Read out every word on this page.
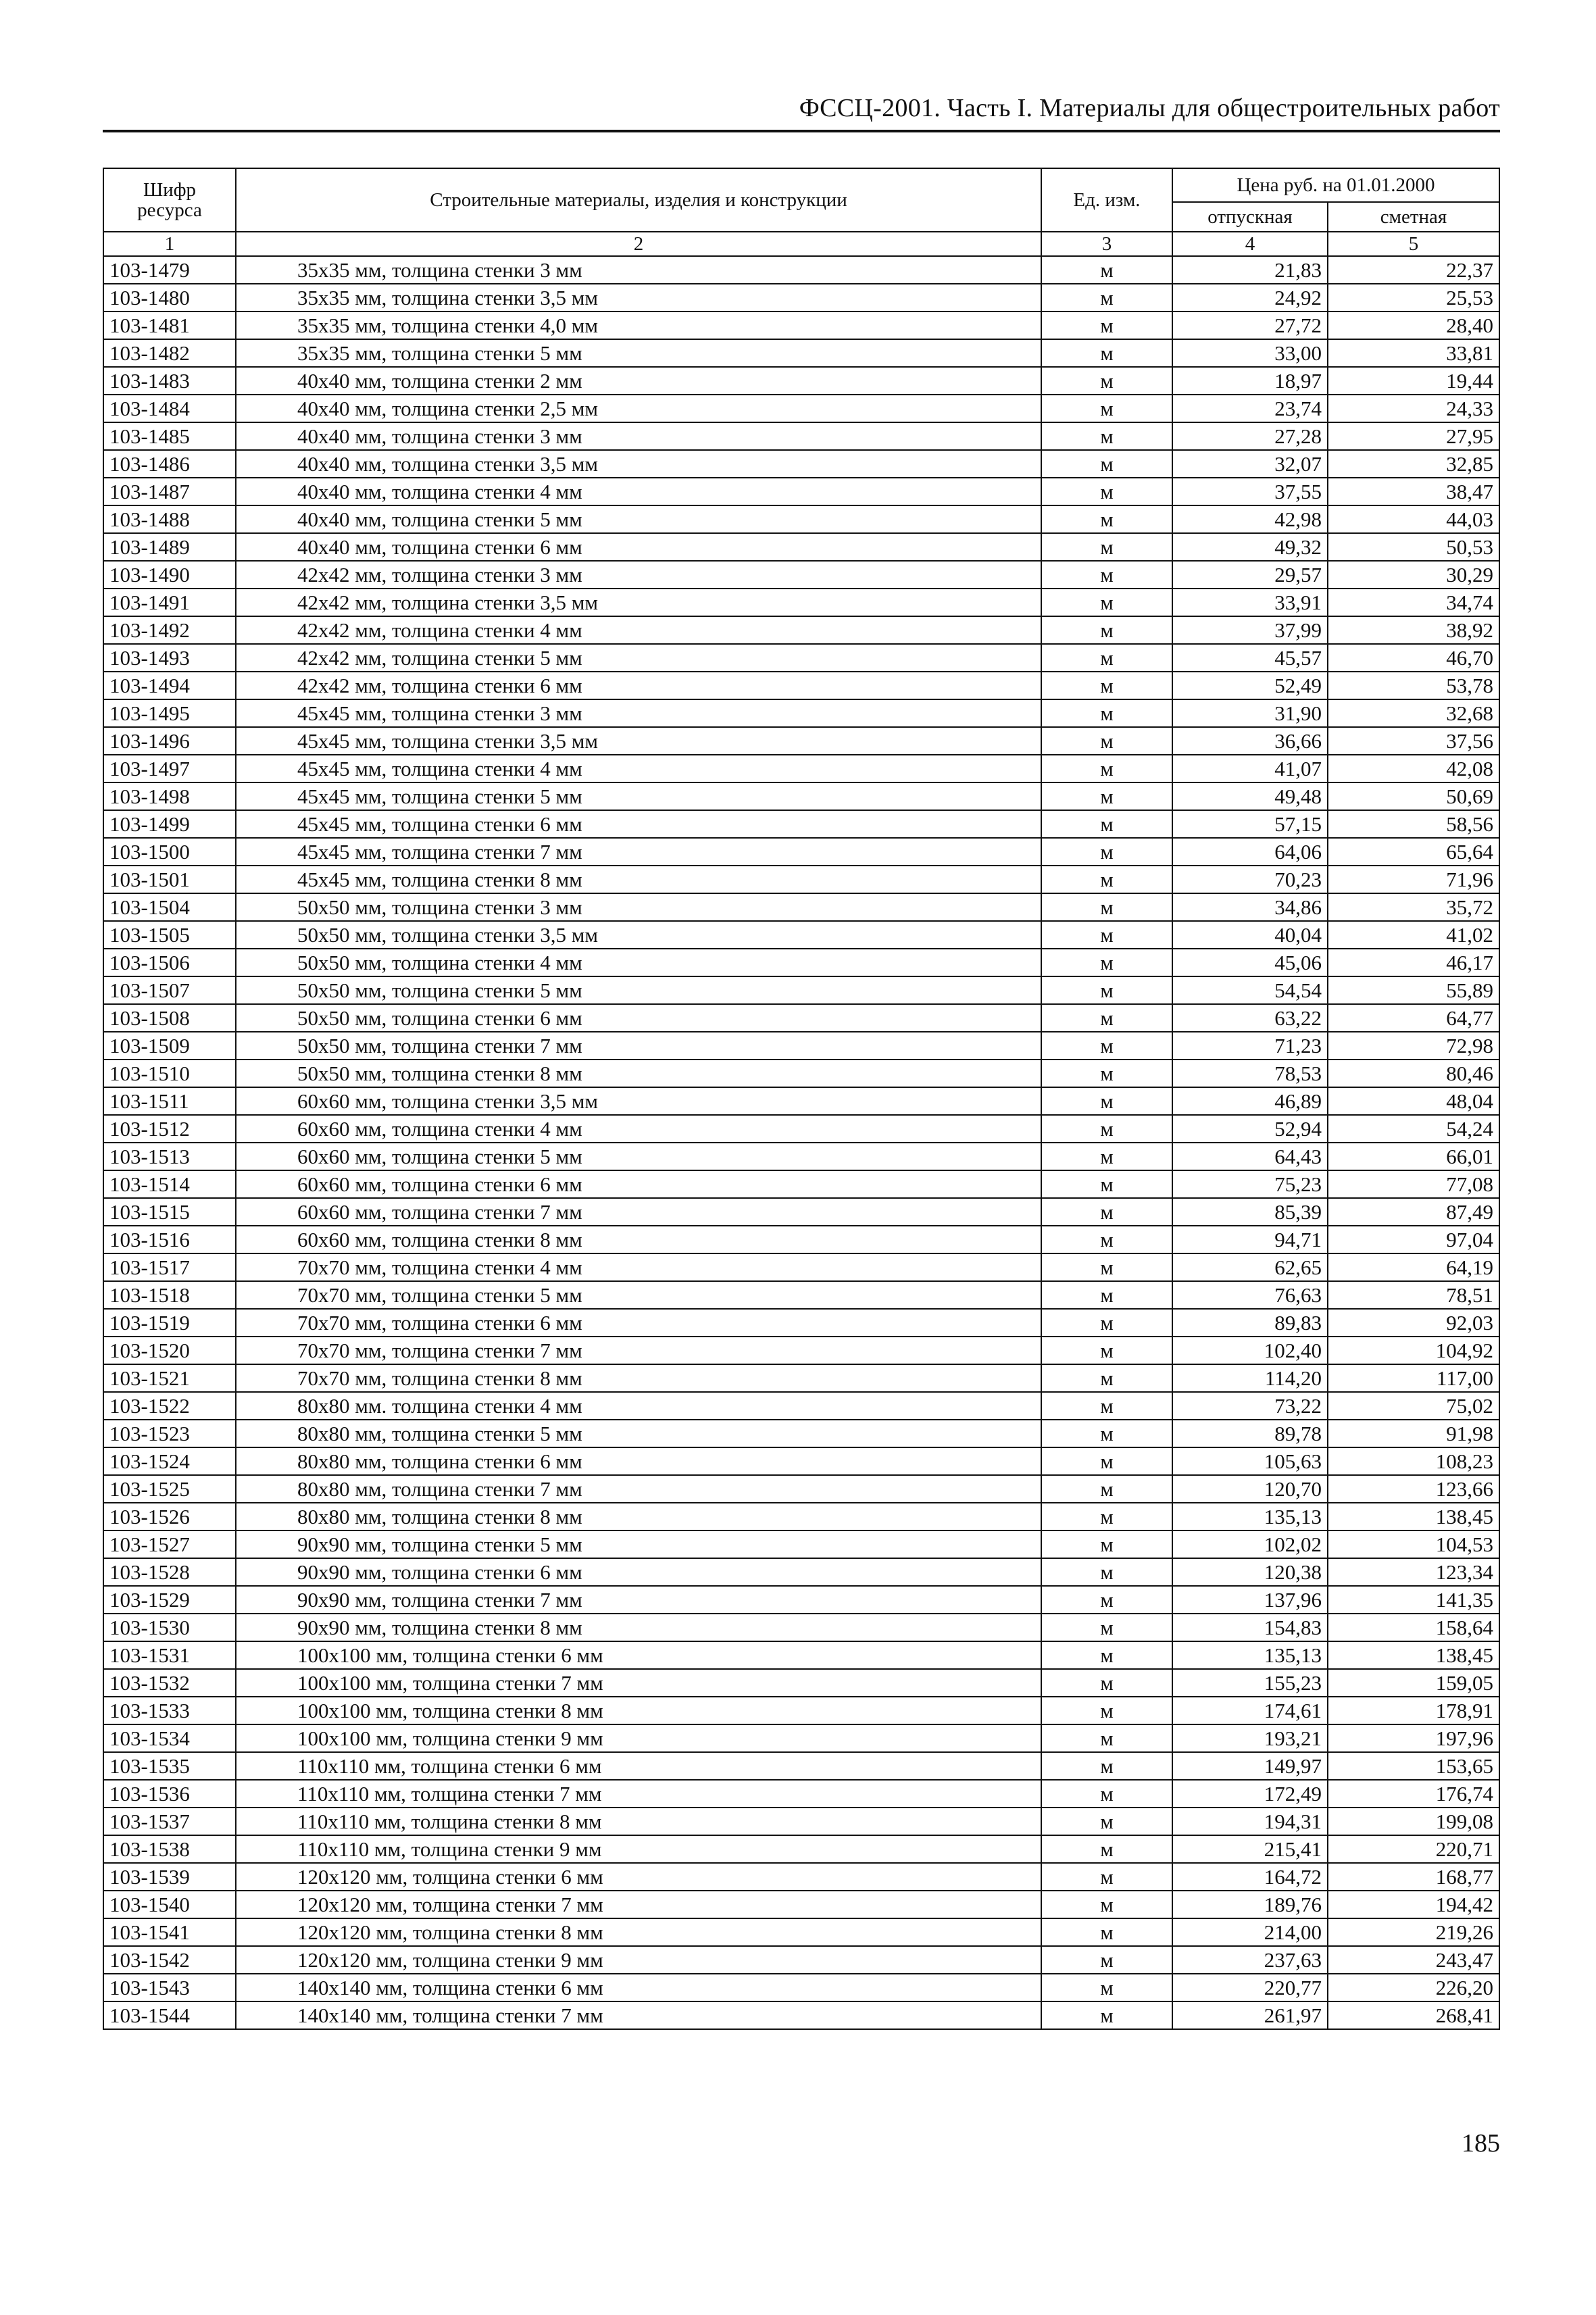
ФССЦ-2001. Часть I. Материалы для общестроительных работ
Шифр ресурса	Строительные материалы, изделия и конструкции	Ед. изм.	Цена руб. на 01.01.2000	
			отпускная	сметная
1	2	3	4	5
103-1479	35х35 мм, толщина стенки 3 мм	м	21,83	22,37
103-1480	35х35 мм, толщина стенки 3,5 мм	м	24,92	25,53
103-1481	35х35 мм, толщина стенки 4,0 мм	м	27,72	28,40
103-1482	35х35 мм, толщина стенки 5 мм	м	33,00	33,81
103-1483	40х40 мм, толщина стенки 2 мм	м	18,97	19,44
103-1484	40х40 мм, толщина стенки 2,5 мм	м	23,74	24,33
103-1485	40х40 мм, толщина стенки 3 мм	м	27,28	27,95
103-1486	40х40 мм, толщина стенки 3,5 мм	м	32,07	32,85
103-1487	40х40 мм, толщина стенки 4 мм	м	37,55	38,47
103-1488	40х40 мм, толщина стенки 5 мм	м	42,98	44,03
103-1489	40х40 мм, толщина стенки 6 мм	м	49,32	50,53
103-1490	42х42 мм, толщина стенки 3 мм	м	29,57	30,29
103-1491	42х42 мм, толщина стенки 3,5 мм	м	33,91	34,74
103-1492	42х42 мм, толщина стенки 4 мм	м	37,99	38,92
103-1493	42х42 мм, толщина стенки 5 мм	м	45,57	46,70
103-1494	42х42 мм, толщина стенки 6 мм	м	52,49	53,78
103-1495	45х45 мм, толщина стенки 3 мм	м	31,90	32,68
103-1496	45х45 мм, толщина стенки 3,5 мм	м	36,66	37,56
103-1497	45х45 мм, толщина стенки 4 мм	м	41,07	42,08
103-1498	45х45 мм, толщина стенки 5 мм	м	49,48	50,69
103-1499	45х45 мм, толщина стенки 6 мм	м	57,15	58,56
103-1500	45х45 мм, толщина стенки 7 мм	м	64,06	65,64
103-1501	45х45 мм, толщина стенки 8 мм	м	70,23	71,96
103-1504	50х50 мм, толщина стенки 3 мм	м	34,86	35,72
103-1505	50х50 мм, толщина стенки 3,5 мм	м	40,04	41,02
103-1506	50х50 мм, толщина стенки 4 мм	м	45,06	46,17
103-1507	50х50 мм, толщина стенки 5 мм	м	54,54	55,89
103-1508	50х50 мм, толщина стенки 6 мм	м	63,22	64,77
103-1509	50х50 мм, толщина стенки 7 мм	м	71,23	72,98
103-1510	50х50 мм, толщина стенки 8 мм	м	78,53	80,46
103-1511	60х60 мм, толщина стенки 3,5 мм	м	46,89	48,04
103-1512	60х60 мм, толщина стенки 4 мм	м	52,94	54,24
103-1513	60х60 мм, толщина стенки 5 мм	м	64,43	66,01
103-1514	60х60 мм, толщина стенки 6 мм	м	75,23	77,08
103-1515	60х60 мм, толщина стенки 7 мм	м	85,39	87,49
103-1516	60х60 мм, толщина стенки 8 мм	м	94,71	97,04
103-1517	70х70 мм, толщина стенки 4 мм	м	62,65	64,19
103-1518	70х70 мм, толщина стенки 5 мм	м	76,63	78,51
103-1519	70х70 мм, толщина стенки 6 мм	м	89,83	92,03
103-1520	70х70 мм, толщина стенки 7 мм	м	102,40	104,92
103-1521	70х70 мм, толщина стенки 8 мм	м	114,20	117,00
103-1522	80х80 мм. толщина стенки 4 мм	м	73,22	75,02
103-1523	80х80 мм, толщина стенки 5 мм	м	89,78	91,98
103-1524	80х80 мм, толщина стенки 6 мм	м	105,63	108,23
103-1525	80х80 мм, толщина стенки 7 мм	м	120,70	123,66
103-1526	80х80 мм, толщина стенки 8 мм	м	135,13	138,45
103-1527	90х90 мм, толщина стенки 5 мм	м	102,02	104,53
103-1528	90х90 мм, толщина стенки 6 мм	м	120,38	123,34
103-1529	90х90 мм, толщина стенки 7 мм	м	137,96	141,35
103-1530	90х90 мм, толщина стенки 8 мм	м	154,83	158,64
103-1531	100х100 мм, толщина стенки 6 мм	м	135,13	138,45
103-1532	100х100 мм, толщина стенки 7 мм	м	155,23	159,05
103-1533	100х100 мм, толщина стенки 8 мм	м	174,61	178,91
103-1534	100х100 мм, толщина стенки 9 мм	м	193,21	197,96
103-1535	110х110 мм, толщина стенки 6 мм	м	149,97	153,65
103-1536	110х110 мм, толщина стенки 7 мм	м	172,49	176,74
103-1537	110х110 мм, толщина стенки 8 мм	м	194,31	199,08
103-1538	110х110 мм, толщина стенки 9 мм	м	215,41	220,71
103-1539	120х120 мм, толщина стенки 6 мм	м	164,72	168,77
103-1540	120х120 мм, толщина стенки 7 мм	м	189,76	194,42
103-1541	120х120 мм, толщина стенки 8 мм	м	214,00	219,26
103-1542	120х120 мм, толщина стенки 9 мм	м	237,63	243,47
103-1543	140х140 мм, толщина стенки 6 мм	м	220,77	226,20
103-1544	140х140 мм, толщина стенки 7 мм	м	261,97	268,41
185
